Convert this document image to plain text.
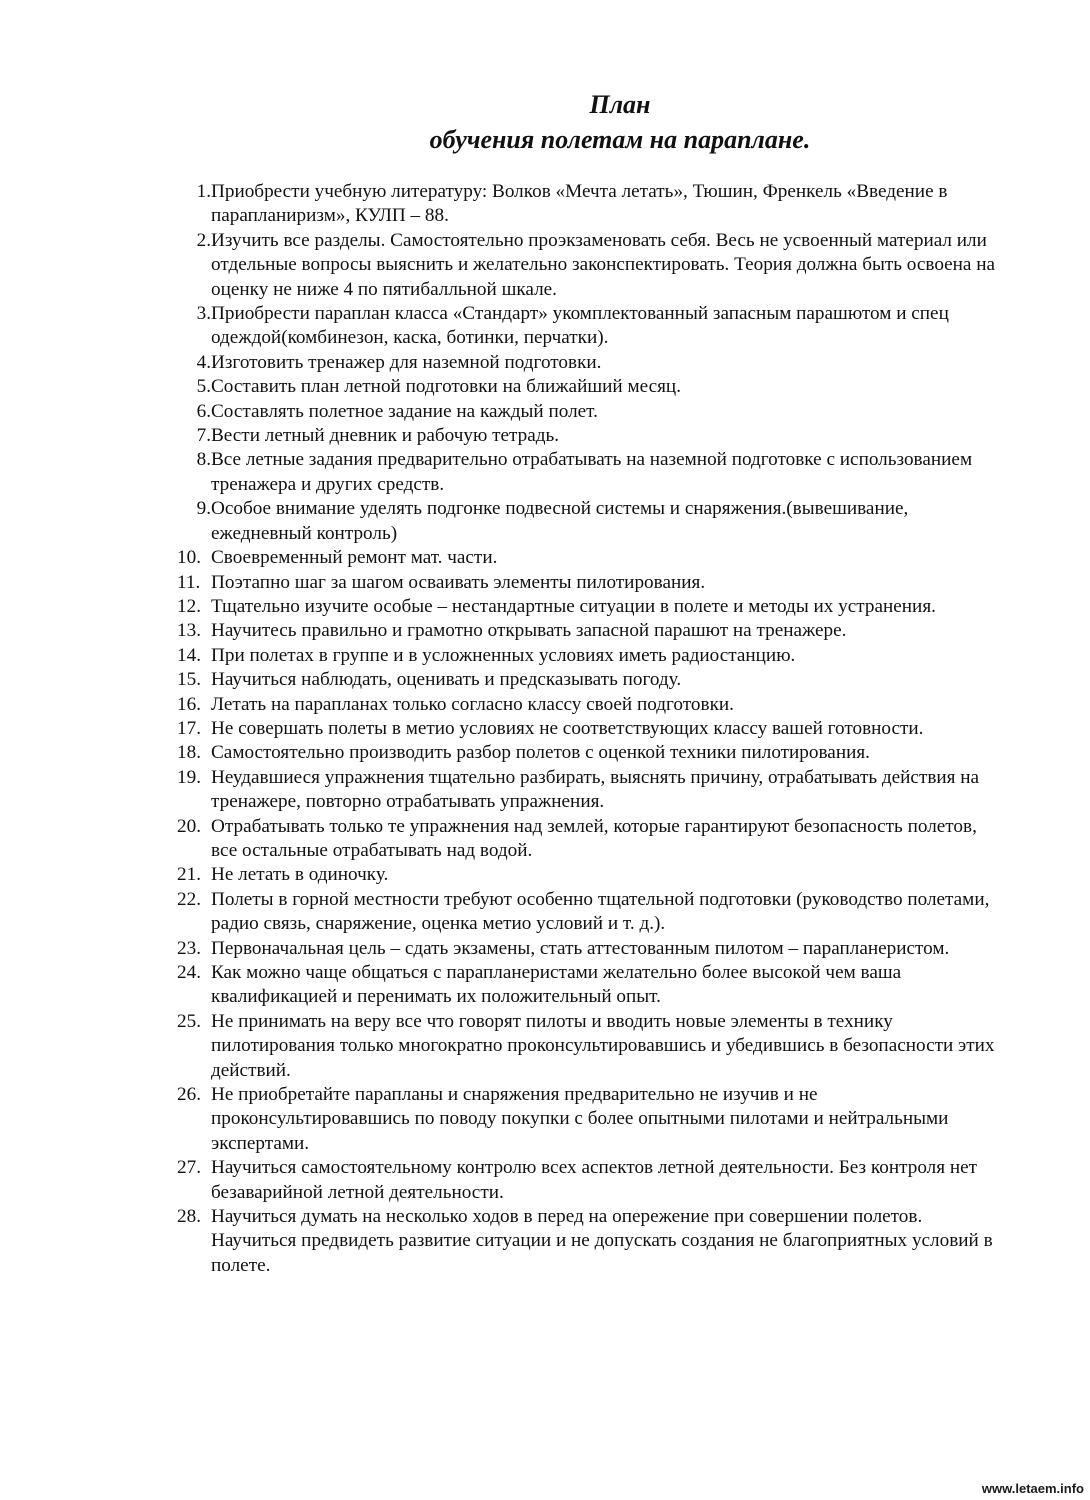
План
обучения полетам на параплане.
1. Приобрести учебную литературу: Волков «Мечта летать», Тюшин, Френкель «Введение в парапланиризм», КУЛП – 88.
2. Изучить все разделы. Самостоятельно проэкзаменовать себя. Весь не усвоенный материал или отдельные вопросы выяснить и желательно законспектировать. Теория должна быть освоена на оценку не ниже 4 по пятибалльной шкале.
3. Приобрести параплан класса «Стандарт» укомплектованный запасным парашютом и спец одеждой(комбинезон, каска, ботинки, перчатки).
4. Изготовить тренажер для наземной подготовки.
5. Составить план летной подготовки на ближайший месяц.
6. Составлять полетное задание на каждый полет.
7. Вести летный дневник и рабочую тетрадь.
8. Все летные задания предварительно отрабатывать на наземной подготовке с использованием тренажера и других средств.
9. Особое внимание уделять подгонке подвесной системы и снаряжения.(вывешивание, ежедневный контроль)
10. Своевременный ремонт мат. части.
11. Поэтапно шаг за шагом осваивать элементы пилотирования.
12. Тщательно изучите особые – нестандартные ситуации в полете и методы их устранения.
13. Научитесь правильно и грамотно открывать запасной парашют на тренажере.
14. При полетах в группе и в усложненных условиях иметь радиостанцию.
15. Научиться наблюдать, оценивать и предсказывать погоду.
16. Летать на парапланах только согласно классу своей подготовки.
17. Не совершать полеты в метио условиях не соответствующих классу вашей готовности.
18. Самостоятельно производить разбор полетов с оценкой техники пилотирования.
19. Неудавшиеся упражнения тщательно разбирать, выяснять причину, отрабатывать действия на тренажере, повторно отрабатывать упражнения.
20. Отрабатывать только те упражнения над землей, которые гарантируют безопасность полетов, все остальные отрабатывать над водой.
21. Не летать в одиночку.
22. Полеты в горной местности требуют особенно тщательной подготовки (руководство полетами, радио связь, снаряжение, оценка метио условий и т. д.).
23. Первоначальная цель – сдать экзамены, стать аттестованным пилотом – парапланеристом.
24. Как можно чаще общаться с парапланеристами желательно более высокой чем ваша квалификацией и перенимать их положительный опыт.
25. Не принимать на веру все что говорят пилоты и вводить новые элементы в технику пилотирования только многократно проконсультировавшись и убедившись в безопасности этих действий.
26. Не приобретайте парапланы и снаряжения предварительно не изучив и не проконсультировавшись по поводу покупки с более опытными пилотами и нейтральными экспертами.
27. Научиться самостоятельному контролю всех аспектов летной деятельности. Без контроля нет безаварийной летной деятельности.
28. Научиться думать на несколько ходов в перед на опережение при совершении полетов. Научиться предвидеть развитие ситуации и не допускать создания не благоприятных условий в полете.
www.letaem.info
